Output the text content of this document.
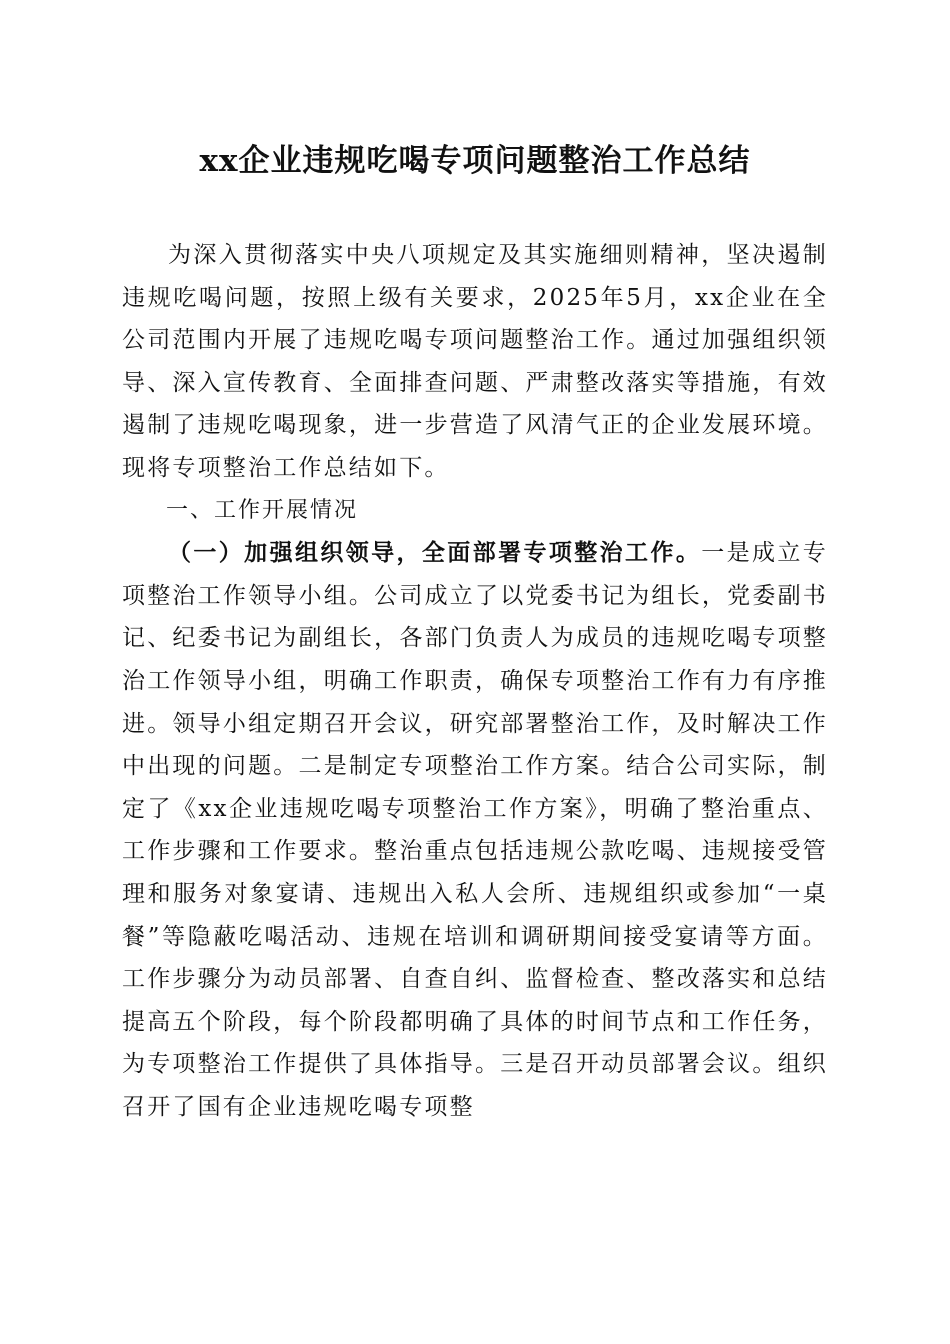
xx企业违规吃喝专项问题整治工作总结

为深入贯彻落实中央八项规定及其实施细则精神，坚决遏制违规吃喝问题，按照上级有关要求，2025年5月，xx企业在全公司范围内开展了违规吃喝专项问题整治工作。通过加强组织领导、深入宣传教育、全面排查问题、严肃整改落实等措施，有效遏制了违规吃喝现象，进一步营造了风清气正的企业发展环境。现将专项整治工作总结如下。

一、工作开展情况

（一）加强组织领导，全面部署专项整治工作。一是成立专项整治工作领导小组。公司成立了以党委书记为组长，党委副书记、纪委书记为副组长，各部门负责人为成员的违规吃喝专项整治工作领导小组，明确工作职责，确保专项整治工作有力有序推进。领导小组定期召开会议，研究部署整治工作，及时解决工作中出现的问题。二是制定专项整治工作方案。结合公司实际，制定了《xx企业违规吃喝专项整治工作方案》，明确了整治重点、工作步骤和工作要求。整治重点包括违规公款吃喝、违规接受管理和服务对象宴请、违规出入私人会所、违规组织或参加“一桌餐”等隐蔽吃喝活动、违规在培训和调研期间接受宴请等方面。工作步骤分为动员部署、自查自纠、监督检查、整改落实和总结提高五个阶段，每个阶段都明确了具体的时间节点和工作任务，为专项整治工作提供了具体指导。三是召开动员部署会议。组织召开了国有企业违规吃喝专项整
